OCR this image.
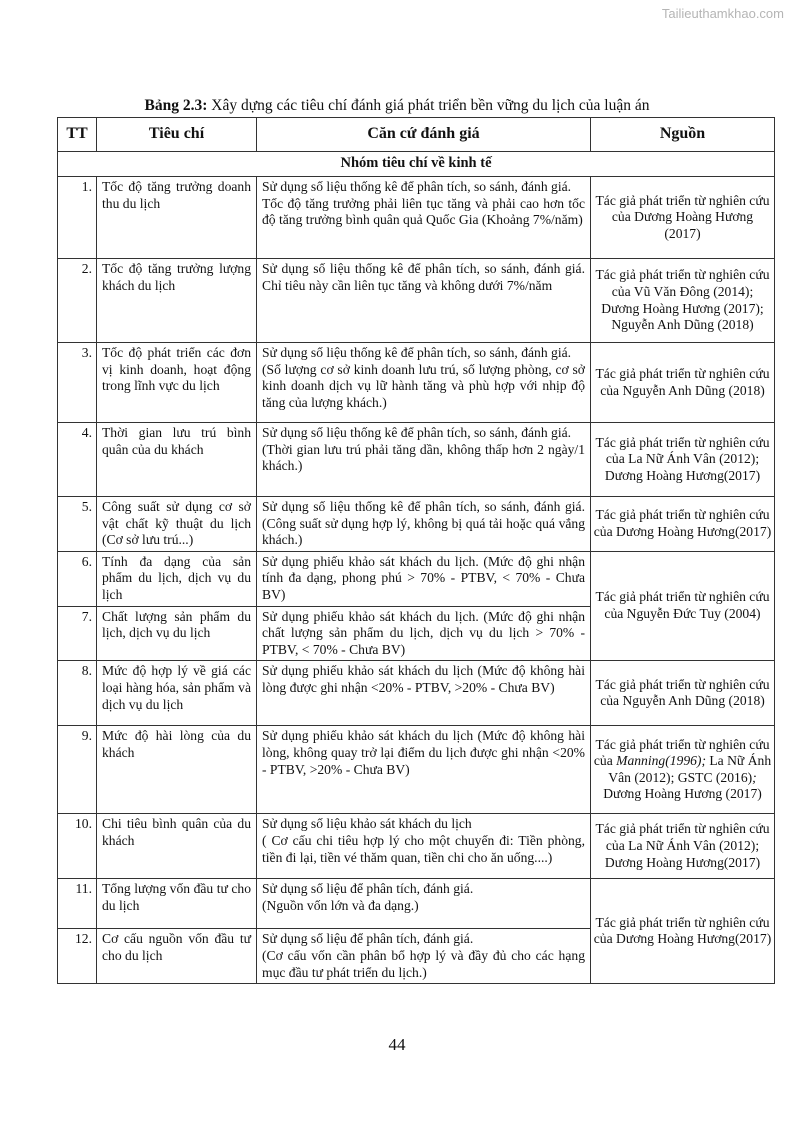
Tailieuthamkhao.com
Bảng 2.3: Xây dựng các tiêu chí đánh giá phát triển bền vững du lịch của luận án
TT	Tiêu chí	Căn cứ đánh giá	Nguồn
Nhóm tiêu chí về kinh tế			
1.	Tốc độ tăng trưởng doanh thu du lịch	Sử dụng số liệu thống kê để phân tích, so sánh, đánh giá.
Tốc độ tăng trưởng phải liên tục tăng và phải cao hơn tốc độ tăng trưởng bình quân quả Quốc Gia (Khoảng 7%/năm)	Tác giả phát triển từ nghiên cứu của Dương Hoàng Hương (2017)
2.	Tốc độ tăng trưởng lượng khách du lịch	Sử dụng số liệu thống kê để phân tích, so sánh, đánh giá. Chỉ tiêu này cần liên tục tăng và không dưới 7%/năm	Tác giả phát triển từ nghiên cứu của Vũ Văn Đông (2014); Dương Hoàng Hương (2017); Nguyễn Anh Dũng (2018)
3.	Tốc độ phát triển các đơn vị kinh doanh, hoạt động trong lĩnh vực du lịch	Sử dụng số liệu thống kê để phân tích, so sánh, đánh giá.
(Số lượng cơ sở kinh doanh lưu trú, số lượng phòng, cơ sở kinh doanh dịch vụ lữ hành tăng và phù hợp với nhịp độ tăng của lượng khách.)	Tác giả phát triển từ nghiên cứu của Nguyễn Anh Dũng (2018)
4.	Thời gian lưu trú bình quân của du khách	Sử dụng số liệu thống kê để phân tích, so sánh, đánh giá.
(Thời gian lưu trú phải tăng dần, không thấp hơn 2 ngày/1 khách.)	Tác giả phát triển từ nghiên cứu của La Nữ Ánh Vân (2012); Dương Hoàng Hương(2017)
5.	Công suất sử dụng cơ sở vật chất kỹ thuật du lịch (Cơ sở lưu trú...)	Sử dụng số liệu thống kê để phân tích, so sánh, đánh giá. (Công suất sử dụng hợp lý, không bị quá tải hoặc quá vắng khách.)	Tác giả phát triển từ nghiên cứu của Dương Hoàng Hương(2017)
6.	Tính đa dạng của sản phẩm du lịch, dịch vụ du lịch	Sử dụng phiếu khảo sát khách du lịch. (Mức độ ghi nhận tính đa dạng, phong phú > 70% - PTBV, < 70% - Chưa BV)	Tác giả phát triển từ nghiên cứu của Nguyễn Đức Tuy (2004)
7.	Chất lượng sản phẩm du lịch, dịch vụ du lịch	Sử dụng phiếu khảo sát khách du lịch. (Mức độ ghi nhận chất lượng sản phẩm du lịch, dịch vụ du lịch > 70% - PTBV, < 70% - Chưa BV)	

8.	Mức độ hợp lý về giá các loại hàng hóa, sản phẩm và dịch vụ du lịch	Sử dụng phiếu khảo sát khách du lịch (Mức độ không hài lòng được ghi nhận <20% - PTBV, >20% - Chưa BV)	Tác giả phát triển từ nghiên cứu của Nguyễn Anh Dũng (2018)
9.	Mức độ hài lòng của du khách	Sử dụng phiếu khảo sát khách du lịch (Mức độ không hài lòng, không quay trở lại điểm du lịch được ghi nhận <20% - PTBV, >20% - Chưa BV)	Tác giả phát triển từ nghiên cứu của Manning(1996); La Nữ Ánh Vân (2012); GSTC (2016); Dương Hoàng Hương (2017)
10.	Chi tiêu bình quân của du khách	Sử dụng số liệu khảo sát khách du lịch
( Cơ cấu chi tiêu hợp lý cho một chuyến đi: Tiền phòng, tiền đi lại, tiền vé thăm quan, tiền chi cho ăn uống....)	Tác giả phát triển từ nghiên cứu của La Nữ Ánh Vân (2012); Dương Hoàng Hương(2017)
11.	Tổng lượng vốn đầu tư cho du lịch	Sử dụng số liệu để phân tích, đánh giá.
(Nguồn vốn lớn và đa dạng.)	Tác giả phát triển từ nghiên cứu của Dương Hoàng Hương(2017)
12.	Cơ cấu nguồn vốn đầu tư cho du lịch	Sử dụng số liệu để phân tích, đánh giá.
(Cơ cấu vốn cần phân bổ hợp lý và đầy đủ cho các hạng mục đầu tư phát triển du lịch.)	
44
